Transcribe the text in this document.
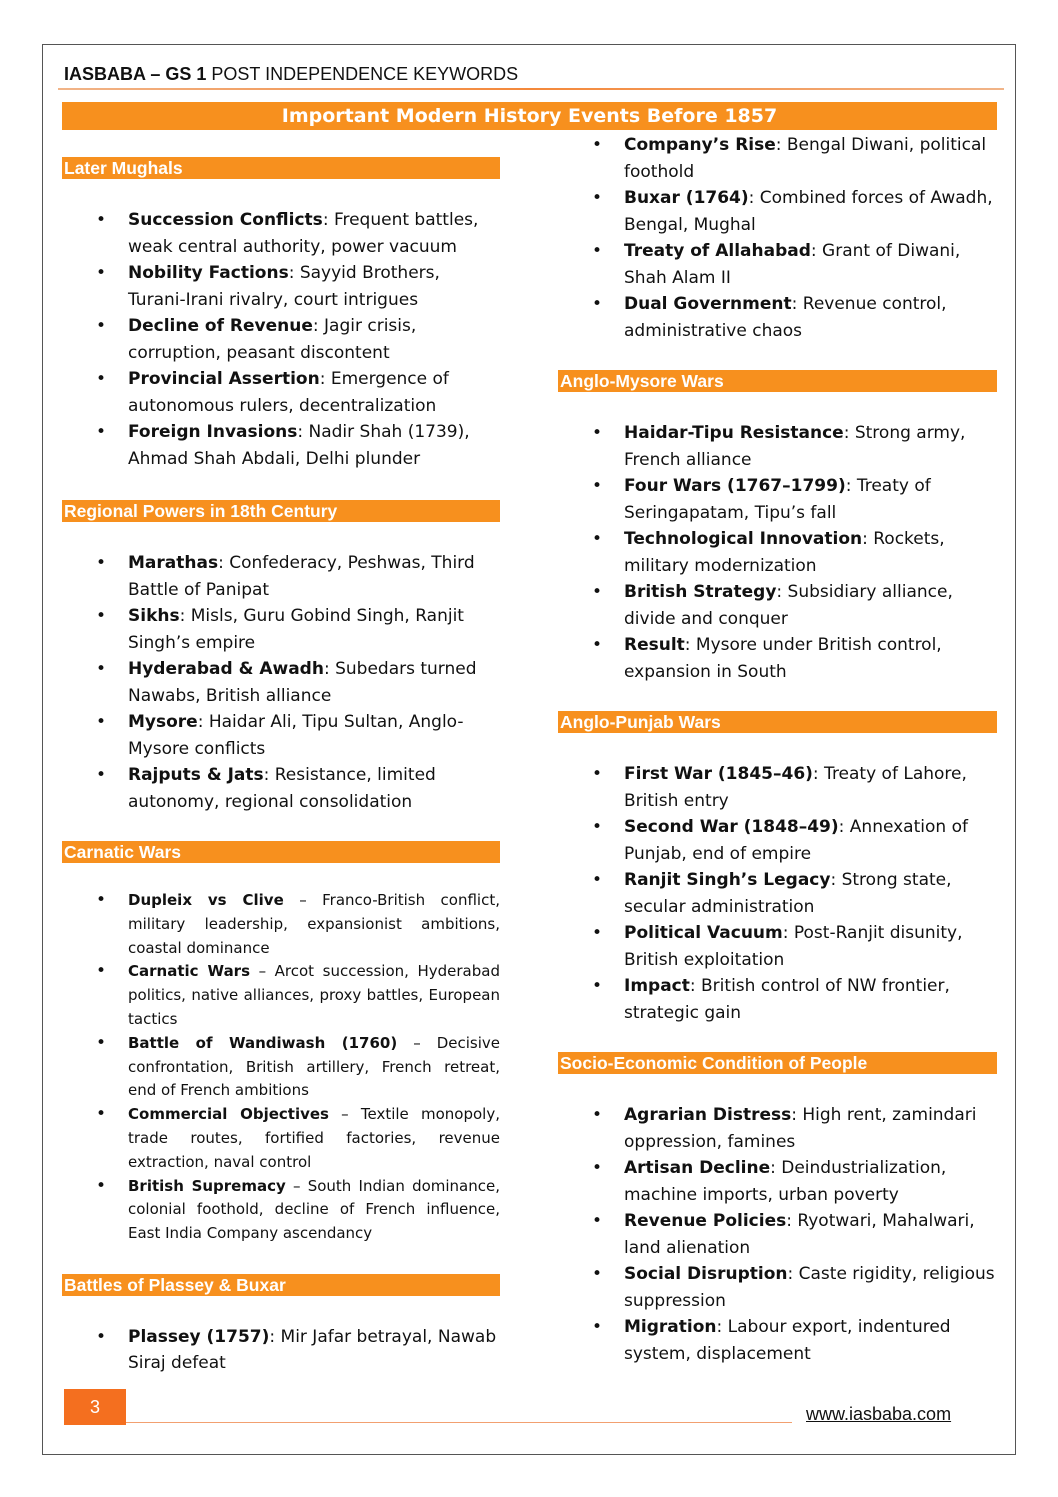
IASBABA – GS 1 POST INDEPENDENCE KEYWORDS
Important Modern History Events Before 1857
Later Mughals
• Succession Conflicts: Frequent battles, weak central authority, power vacuum
• Nobility Factions: Sayyid Brothers, Turani-Irani rivalry, court intrigues
• Decline of Revenue: Jagir crisis, corruption, peasant discontent
• Provincial Assertion: Emergence of autonomous rulers, decentralization
• Foreign Invasions: Nadir Shah (1739), Ahmad Shah Abdali, Delhi plunder
Regional Powers in 18th Century
• Marathas: Confederacy, Peshwas, Third Battle of Panipat
• Sikhs: Misls, Guru Gobind Singh, Ranjit Singh’s empire
• Hyderabad & Awadh: Subedars turned Nawabs, British alliance
• Mysore: Haidar Ali, Tipu Sultan, Anglo-Mysore conflicts
• Rajputs & Jats: Resistance, limited autonomy, regional consolidation
Carnatic Wars
• Dupleix vs Clive – Franco-British conflict, military leadership, expansionist ambitions, coastal dominance
• Carnatic Wars – Arcot succession, Hyderabad politics, native alliances, proxy battles, European tactics
• Battle of Wandiwash (1760) – Decisive confrontation, British artillery, French retreat, end of French ambitions
• Commercial Objectives – Textile monopoly, trade routes, fortified factories, revenue extraction, naval control
• British Supremacy – South Indian dominance, colonial foothold, decline of French influence, East India Company ascendancy
Battles of Plassey & Buxar
• Plassey (1757): Mir Jafar betrayal, Nawab Siraj defeat
• Company’s Rise: Bengal Diwani, political foothold
• Buxar (1764): Combined forces of Awadh, Bengal, Mughal
• Treaty of Allahabad: Grant of Diwani, Shah Alam II
• Dual Government: Revenue control, administrative chaos
Anglo-Mysore Wars
• Haidar-Tipu Resistance: Strong army, French alliance
• Four Wars (1767–1799): Treaty of Seringapatam, Tipu’s fall
• Technological Innovation: Rockets, military modernization
• British Strategy: Subsidiary alliance, divide and conquer
• Result: Mysore under British control, expansion in South
Anglo-Punjab Wars
• First War (1845–46): Treaty of Lahore, British entry
• Second War (1848–49): Annexation of Punjab, end of empire
• Ranjit Singh’s Legacy: Strong state, secular administration
• Political Vacuum: Post-Ranjit disunity, British exploitation
• Impact: British control of NW frontier, strategic gain
Socio-Economic Condition of People
• Agrarian Distress: High rent, zamindari oppression, famines
• Artisan Decline: Deindustrialization, machine imports, urban poverty
• Revenue Policies: Ryotwari, Mahalwari, land alienation
• Social Disruption: Caste rigidity, religious suppression
• Migration: Labour export, indentured system, displacement
3	www.iasbaba.com
